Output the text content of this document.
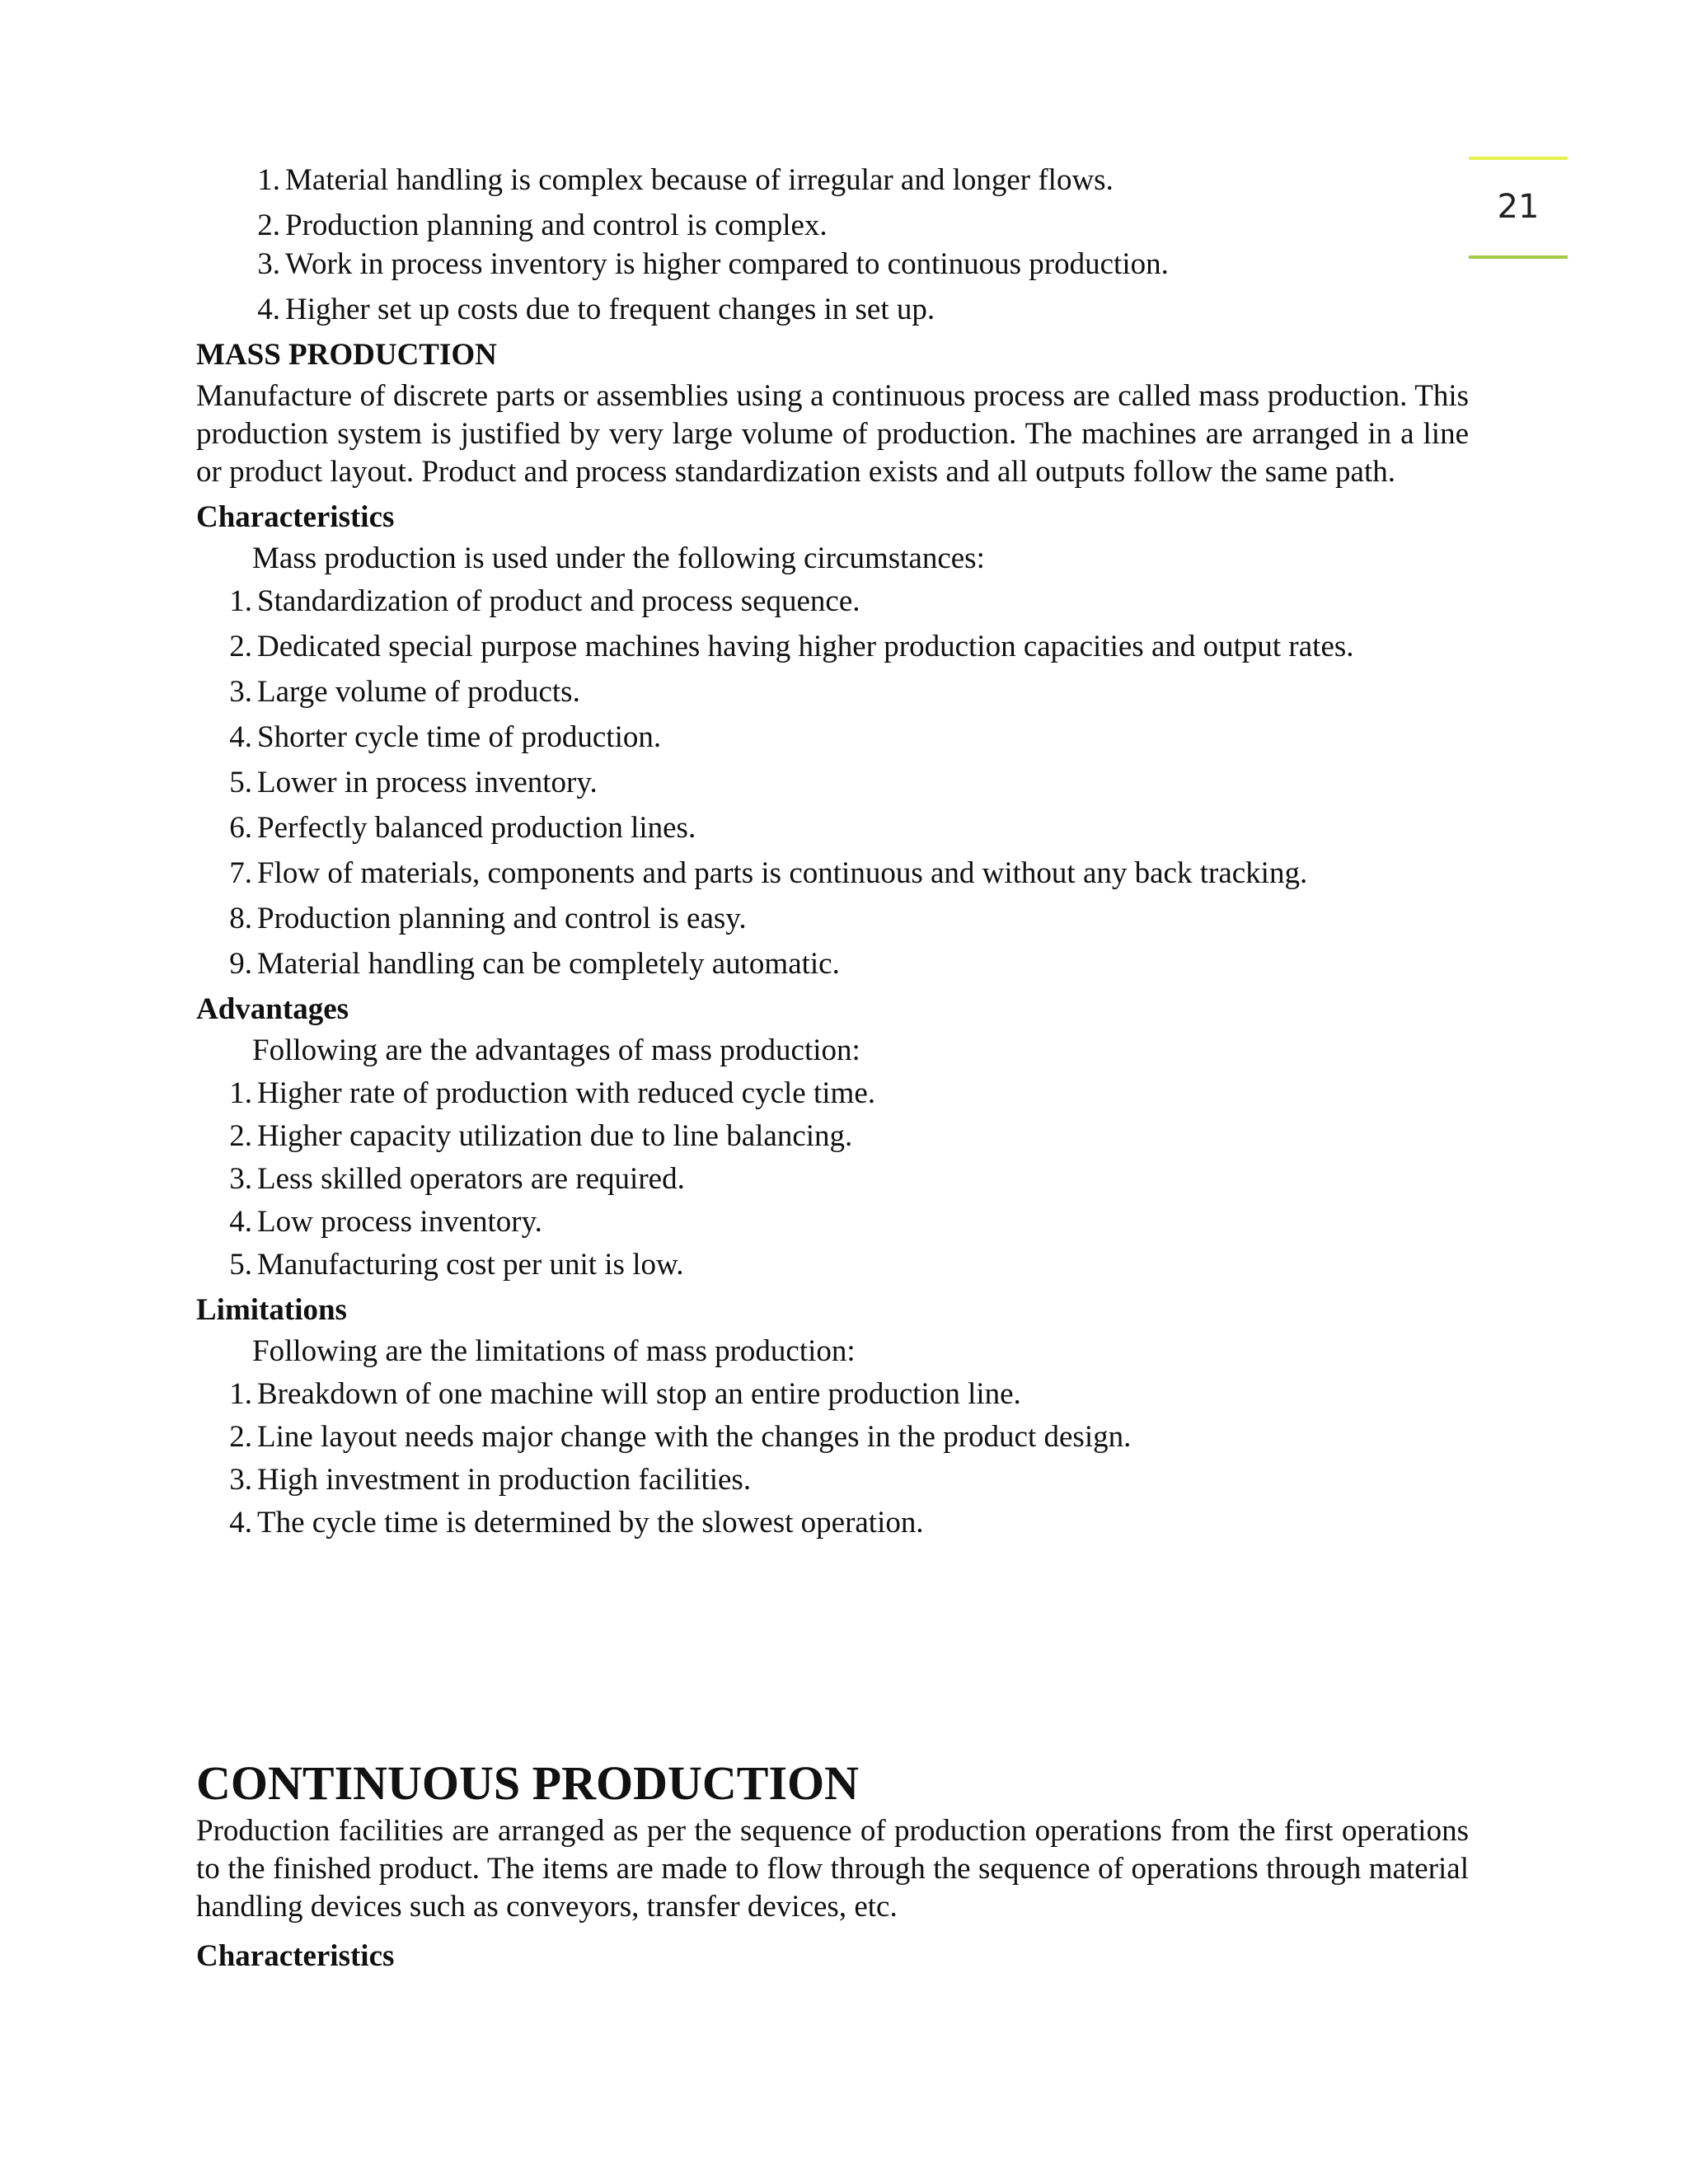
21
1. Material handling is complex because of irregular and longer flows.
2. Production planning and control is complex.
3. Work in process inventory is higher compared to continuous production.
4. Higher set up costs due to frequent changes in set up.
MASS PRODUCTION

Manufacture of discrete parts or assemblies using a continuous process are called mass production. This production system is justified by very large volume of production. The machines are arranged in a line or product layout. Product and process standardization exists and all outputs follow the same path.

Characteristics
Mass production is used under the following circumstances:
1. Standardization of product and process sequence.
2. Dedicated special purpose machines having higher production capacities and output rates.
3. Large volume of products.
4. Shorter cycle time of production.
5. Lower in process inventory.
6. Perfectly balanced production lines.
7. Flow of materials, components and parts is continuous and without any back tracking.
8. Production planning and control is easy.
9. Material handling can be completely automatic.
Advantages
Following are the advantages of mass production:
1. Higher rate of production with reduced cycle time.
2. Higher capacity utilization due to line balancing.
3. Less skilled operators are required.
4. Low process inventory.
5. Manufacturing cost per unit is low.
Limitations
Following are the limitations of mass production:
1. Breakdown of one machine will stop an entire production line.
2. Line layout needs major change with the changes in the product design.
3. High investment in production facilities.
4. The cycle time is determined by the slowest operation.
CONTINUOUS PRODUCTION

Production facilities are arranged as per the sequence of production operations from the first operations to the finished product. The items are made to flow through the sequence of operations through material handling devices such as conveyors, transfer devices, etc.

Characteristics
